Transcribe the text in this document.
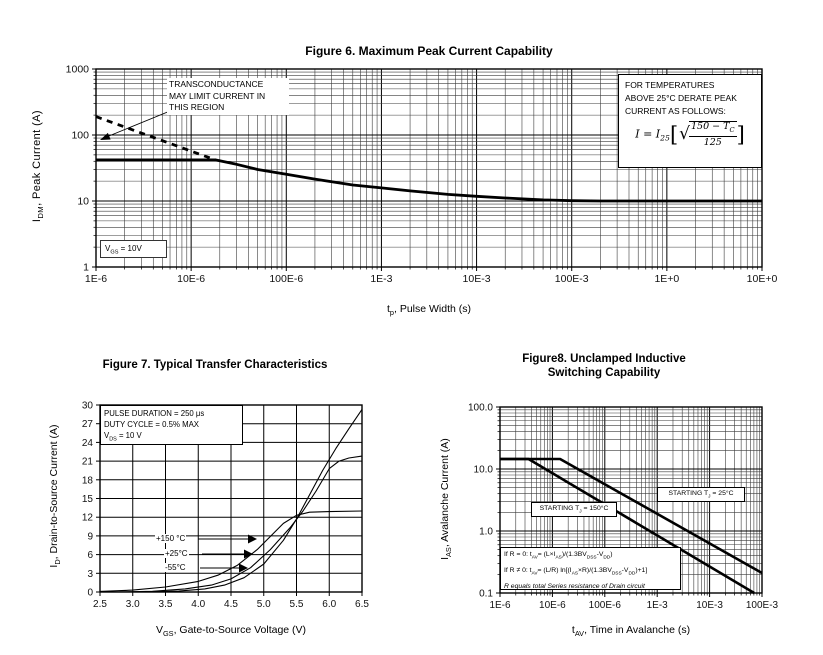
1E-6	10E-6	100E-6	1E-3	10E-3	100E-3	1E+0	10E+0
1
10
100
1000
2.5 3.0 3.5 4.0 4.5 5.0 5.5 6.0 6.5
0
3
6
9
12
15
18
21
24
27
30
1E-6	10E-6 100E-6	1E-3	10E-3 100E-3
0.1
1.0
10.0
100.0
Figure 6. Maximum Peak Current Capability
$I_{DM}$, Peak Current (A)
$t_p$, Pulse Width (s)
TRANSCONDUCTANCE
MAY LIMIT CURRENT IN
THIS REGION
FOR TEMPERATURES
ABOVE 25°C DERATE PEAK
CURRENT AS FOLLOWS:
$I = I_{25}[√ \frac{150 - T_C}{125}$ ]
$V_{GS} = 10V$
Figure 7. Typical Transfer Characteristics
PULSE DURATION = 250 μs
DUTY CYCLE = 0.5% MAX
$V_{DS} = 10$ V
+150 °C
+25°C
-55°C
$I_D$, Drain-to-Source Current (A)
$V_{GS}$, Gate-to-Source Voltage (V)
Figure8. Unclamped Inductive
Switching Capability
STARTING $T_J = 150^\circ C$
STARTING $T_J = 25^\circ C$
If R = 0: $t_{AV}= (L\times I_{AS})/(1.3BV_{DSS}-V_{DD})$
If R ≠ 0: $t_{AV}= (L/R)$ $\ln[(I_{AS}\times R)/(1.3BV_{DSS}-V_{DD})+1]$
R equals total Series resistance of Drain circuit
$I_{AS}$, Avalanche Current (A)
$t_{AV}$, Time in Avalanche (s)
